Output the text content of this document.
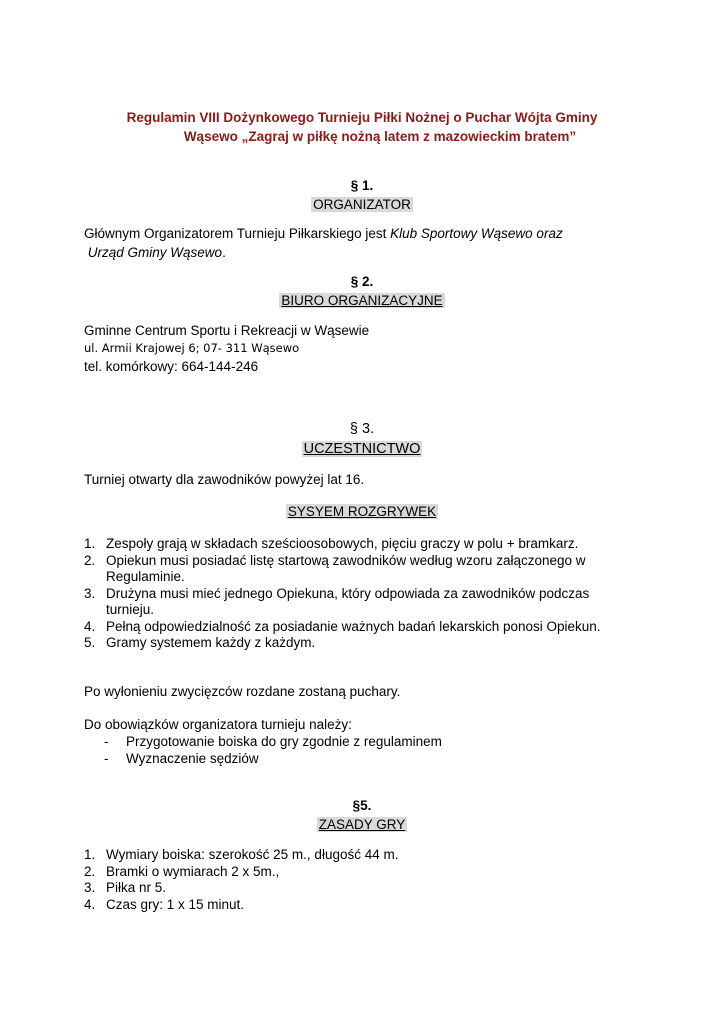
Regulamin VIII Dożynkowego Turnieju Piłki Nożnej o Puchar Wójta Gminy
Wąsewo „Zagraj w piłkę nożną latem z mazowieckim bratem”
§ 1.
ORGANIZATOR
Głównym Organizatorem Turnieju Piłkarskiego jest Klub Sportowy Wąsewo oraz
Urząd Gminy Wąsewo.
§ 2.
BIURO ORGANIZACYJNE
Gminne Centrum Sportu i Rekreacji w Wąsewie
ul. Armii Krajowej 6; 07- 311 Wąsewo
tel. komórkowy: 664-144-246
§ 3.
UCZESTNICTWO
Turniej otwarty dla zawodników powyżej lat 16.
SYSYEM ROZGRYWEK
1. Zespoły grają w składach sześcioosobowych, pięciu graczy w polu + bramkarz.
2. Opiekun musi posiadać listę startową zawodników według wzoru załączonego w
Regulaminie.
3. Drużyna musi mieć jednego Opiekuna, który odpowiada za zawodników podczas
turnieju.
4. Pełną odpowiedzialność za posiadanie ważnych badań lekarskich ponosi Opiekun.
5. Gramy systemem każdy z każdym.
Po wyłonieniu zwycięzców rozdane zostaną puchary.
Do obowiązków organizatora turnieju należy:
- Przygotowanie boiska do gry zgodnie z regulaminem
- Wyznaczenie sędziów
§5.
ZASADY GRY
1. Wymiary boiska: szerokość 25 m., długość 44 m.
2. Bramki o wymiarach 2 x 5m.,
3. Piłka nr 5.
4. Czas gry: 1 x 15 minut.
